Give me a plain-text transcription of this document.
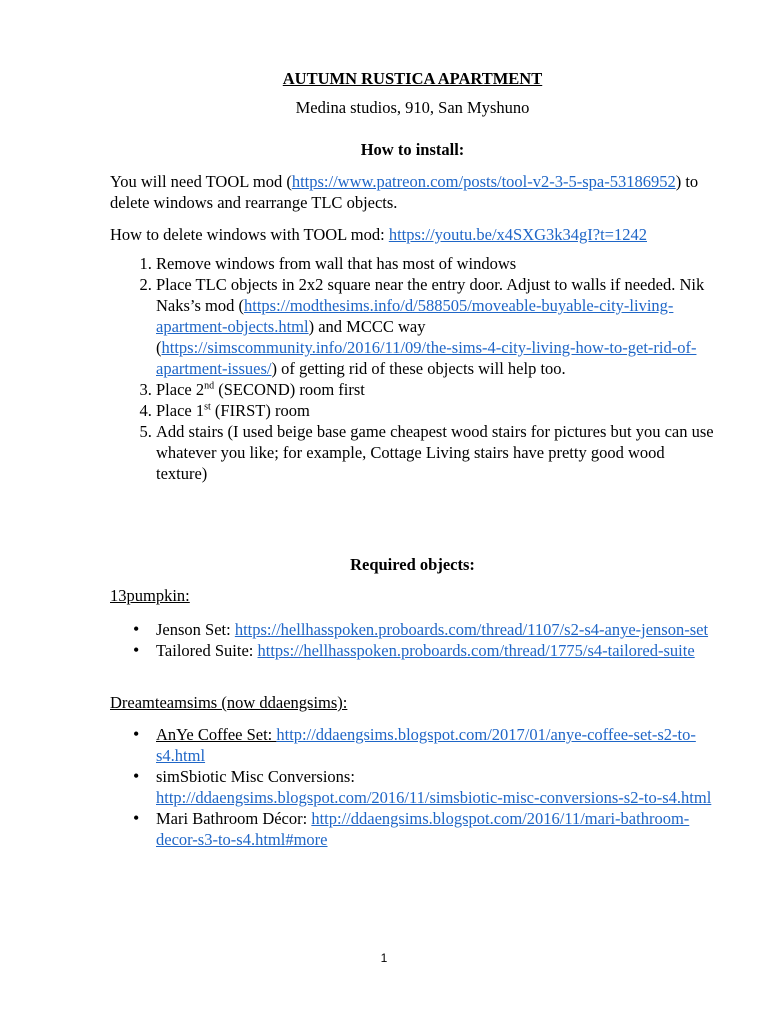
AUTUMN RUSTICA APARTMENT

Medina studios, 910, San Myshuno

How to install:

You will need TOOL mod (https://www.patreon.com/posts/tool-v2-3-5-spa-53186952) to delete windows and rearrange TLC objects.

How to delete windows with TOOL mod: https://youtu.be/x4SXG3k34gI?t=1242

1. Remove windows from wall that has most of windows
2. Place TLC objects in 2x2 square near the entry door. Adjust to walls if needed. Nik Naks’s mod (https://modthesims.info/d/588505/moveable-buyable-city-living-apartment-objects.html) and MCCC way (https://simscommunity.info/2016/11/09/the-sims-4-city-living-how-to-get-rid-of-apartment-issues/) of getting rid of these objects will help too.
3. Place 2nd (SECOND) room first
4. Place 1st (FIRST) room
5. Add stairs (I used beige base game cheapest wood stairs for pictures but you can use whatever you like; for example, Cottage Living stairs have pretty good wood texture)

Required objects:

13pumpkin:

• Jenson Set: https://hellhasspoken.proboards.com/thread/1107/s2-s4-anye-jenson-set
• Tailored Suite: https://hellhasspoken.proboards.com/thread/1775/s4-tailored-suite

Dreamteamsims (now ddaengsims):

• AnYe Coffee Set: http://ddaengsims.blogspot.com/2017/01/anye-coffee-set-s2-to-s4.html
• simSbiotic Misc Conversions:
http://ddaengsims.blogspot.com/2016/11/simsbiotic-misc-conversions-s2-to-s4.html
• Mari Bathroom Décor: http://ddaengsims.blogspot.com/2016/11/mari-bathroom-decor-s3-to-s4.html#more
1
